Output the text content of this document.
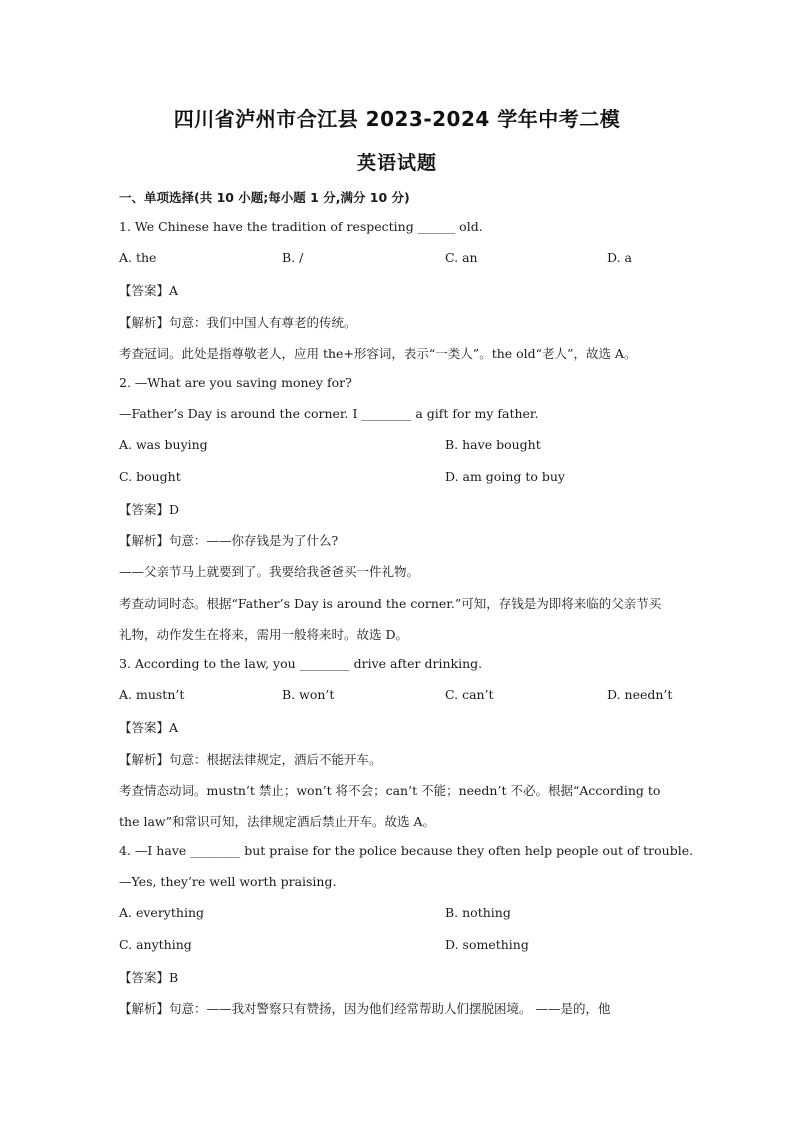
四川省泸州市合江县 2023-2024 学年中考二模
英语试题
一、单项选择(共 10 小题;每小题 1 分,满分 10 分)
1. We Chinese have the tradition of respecting ______ old.
A. the	B. /	C. an	D. a
【答案】A
【解析】句意：我们中国人有尊老的传统。
考查冠词。此处是指尊敬老人，应用 the+形容词，表示“一类人”。the old“老人”，故选 A。
2. —What are you saving money for?
—Father’s Day is around the corner. I ________ a gift for my father.
A. was buying	B. have bought
C. bought	D. am going to buy
【答案】D
【解析】句意：——你存钱是为了什么?
——父亲节马上就要到了。我要给我爸爸买一件礼物。
考查动词时态。根据“Father’s Day is around the corner.”可知，存钱是为即将来临的父亲节买
礼物，动作发生在将来，需用一般将来时。故选 D。
3. According to the law, you ________ drive after drinking.
A. mustn’t	B. won’t	C. can’t	D. needn’t
【答案】A
【解析】句意：根据法律规定，酒后不能开车。
考查情态动词。mustn’t 禁止；won’t 将不会；can’t 不能；needn’t 不必。根据“According to
the law”和常识可知，法律规定酒后禁止开车。故选 A。
4. —I have ________ but praise for the police because they often help people out of trouble.
—Yes, they’re well worth praising.
A. everything	B. nothing
C. anything	D. something
【答案】B
【解析】句意：——我对警察只有赞扬，因为他们经常帮助人们摆脱困境。 ——是的，他
